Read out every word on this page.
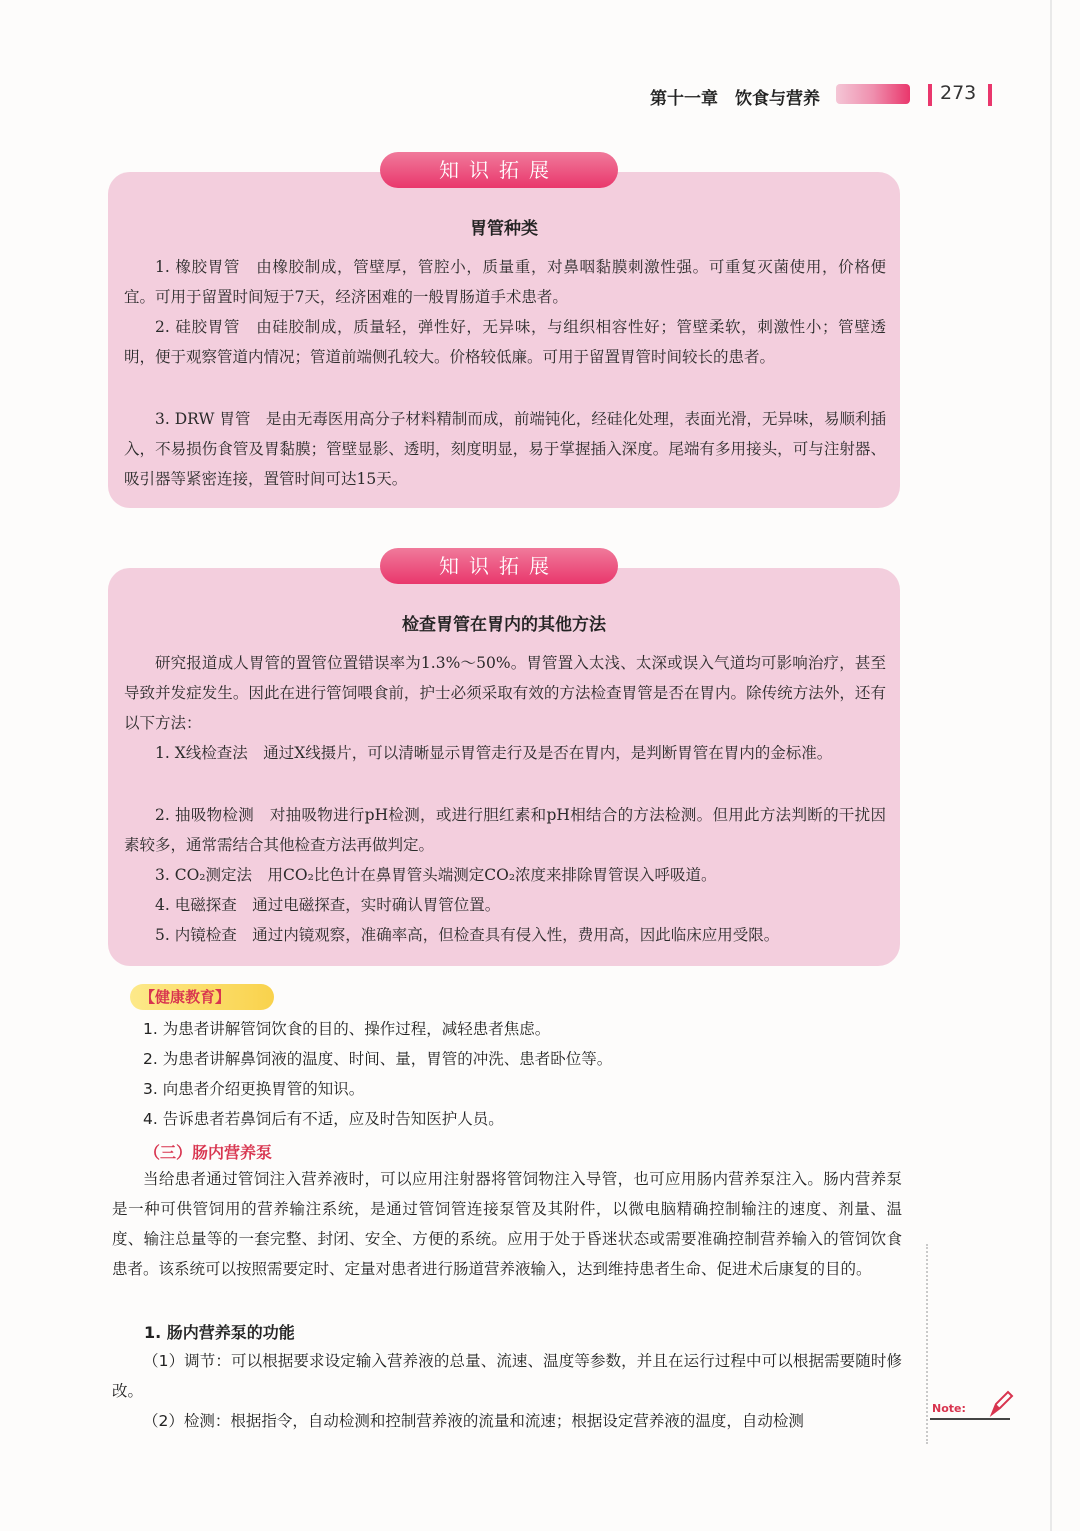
第十一章　饮食与营养	273
知识拓展
胃管种类
1. 橡胶胃管　由橡胶制成，管壁厚，管腔小，质量重，对鼻咽黏膜刺激性强。可重复灭菌使用，价格便宜。可用于留置时间短于7天，经济困难的一般胃肠道手术患者。
2. 硅胶胃管　由硅胶制成，质量轻，弹性好，无异味，与组织相容性好；管壁柔软，刺激性小；管壁透明，便于观察管道内情况；管道前端侧孔较大。价格较低廉。可用于留置胃管时间较长的患者。
3. DRW 胃管　是由无毒医用高分子材料精制而成，前端钝化，经硅化处理，表面光滑，无异味，易顺利插入，不易损伤食管及胃黏膜；管壁显影、透明，刻度明显，易于掌握插入深度。尾端有多用接头，可与注射器、吸引器等紧密连接，置管时间可达15天。
知识拓展
检查胃管在胃内的其他方法
研究报道成人胃管的置管位置错误率为1.3%～50%。胃管置入太浅、太深或误入气道均可影响治疗，甚至导致并发症发生。因此在进行管饲喂食前，护士必须采取有效的方法检查胃管是否在胃内。除传统方法外，还有以下方法：
1. X线检查法　通过X线摄片，可以清晰显示胃管走行及是否在胃内，是判断胃管在胃内的金标准。
2. 抽吸物检测　对抽吸物进行pH检测，或进行胆红素和pH相结合的方法检测。但用此方法判断的干扰因素较多，通常需结合其他检查方法再做判定。
3. CO₂测定法　用CO₂比色计在鼻胃管头端测定CO₂浓度来排除胃管误入呼吸道。
4. 电磁探查　通过电磁探查，实时确认胃管位置。
5. 内镜检查　通过内镜观察，准确率高，但检查具有侵入性，费用高，因此临床应用受限。
【健康教育】
1. 为患者讲解管饲饮食的目的、操作过程，减轻患者焦虑。
2. 为患者讲解鼻饲液的温度、时间、量，胃管的冲洗、患者卧位等。
3. 向患者介绍更换胃管的知识。
4. 告诉患者若鼻饲后有不适，应及时告知医护人员。
（三）肠内营养泵
当给患者通过管饲注入营养液时，可以应用注射器将管饲物注入导管，也可应用肠内营养泵注入。肠内营养泵是一种可供管饲用的营养输注系统，是通过管饲管连接泵管及其附件，以微电脑精确控制输注的速度、剂量、温度、输注总量等的一套完整、封闭、安全、方便的系统。应用于处于昏迷状态或需要准确控制营养输入的管饲饮食患者。该系统可以按照需要定时、定量对患者进行肠道营养液输入，达到维持患者生命、促进术后康复的目的。
1. 肠内营养泵的功能
（1）调节：可以根据要求设定输入营养液的总量、流速、温度等参数，并且在运行过程中可以根据需要随时修改。
（2）检测：根据指令，自动检测和控制营养液的流量和流速；根据设定营养液的温度，自动检测
Note:
